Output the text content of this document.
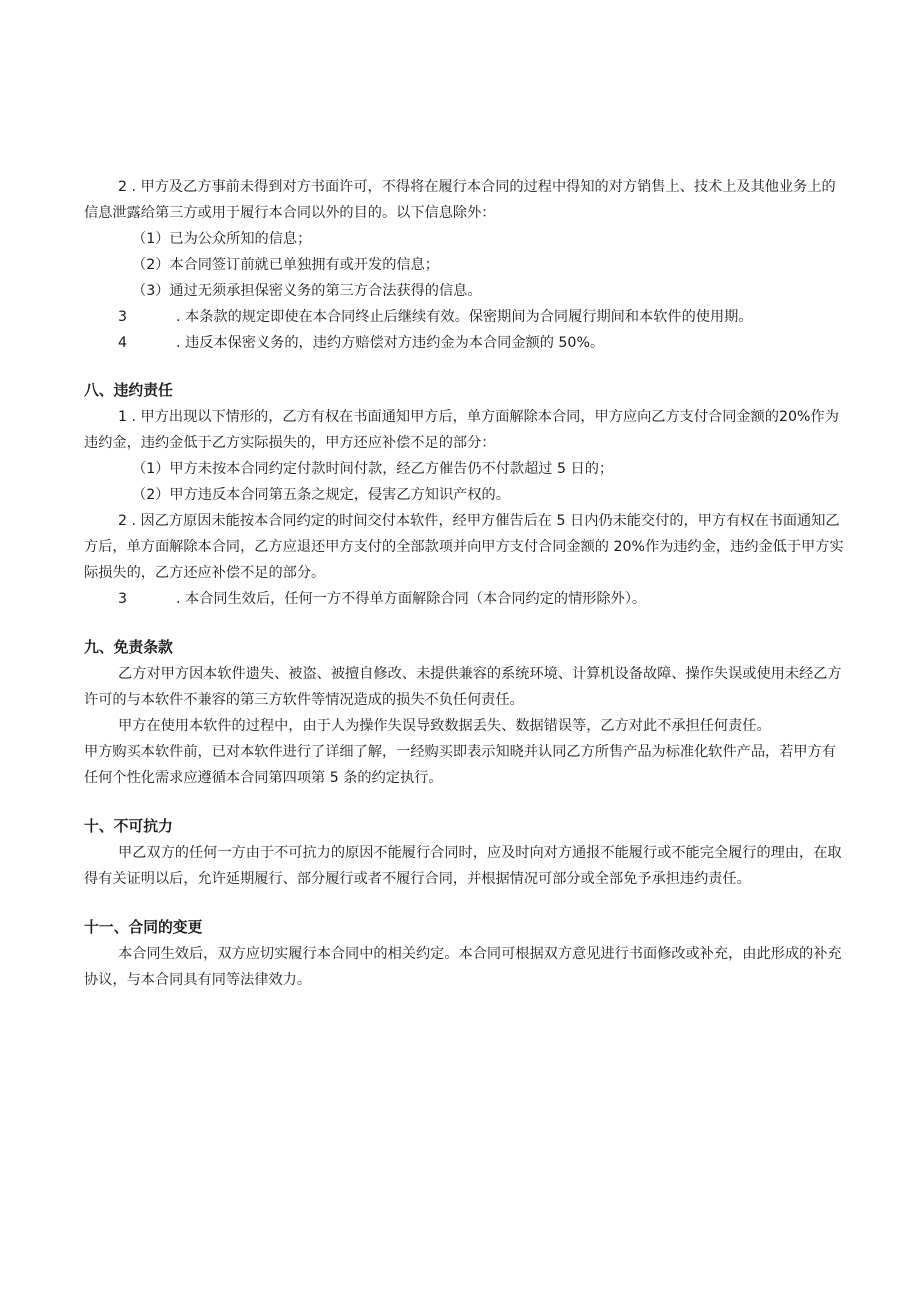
2 . 甲方及乙方事前未得到对方书面许可，不得将在履行本合同的过程中得知的对方销售上、技术上及其他业务上的信息泄露给第三方或用于履行本合同以外的目的。以下信息除外：

（1）已为公众所知的信息；

（2）本合同签订前就已单独拥有或开发的信息；

（3）通过无须承担保密义务的第三方合法获得的信息。

3	. 本条款的规定即使在本合同终止后继续有效。保密期间为合同履行期间和本软件的使用期。
4	. 违反本保密义务的，违约方赔偿对方违约金为本合同金额的 50%。

八、违约责任

1 . 甲方出现以下情形的，乙方有权在书面通知甲方后，单方面解除本合同，甲方应向乙方支付合同金额的20%作为违约金，违约金低于乙方实际损失的，甲方还应补偿不足的部分：

（1）甲方未按本合同约定付款时间付款，经乙方催告仍不付款超过 5 日的；

（2）甲方违反本合同第五条之规定，侵害乙方知识产权的。

2 . 因乙方原因未能按本合同约定的时间交付本软件，经甲方催告后在 5 日内仍未能交付的，甲方有权在书面通知乙方后，单方面解除本合同，乙方应退还甲方支付的全部款项并向甲方支付合同金额的 20%作为违约金，违约金低于甲方实际损失的，乙方还应补偿不足的部分。

3	. 本合同生效后，任何一方不得单方面解除合同（本合同约定的情形除外）。

九、免责条款

乙方对甲方因本软件遗失、被盗、被擅自修改、未提供兼容的系统环境、计算机设备故障、操作失误或使用未经乙方许可的与本软件不兼容的第三方软件等情况造成的损失不负任何责任。

甲方在使用本软件的过程中，由于人为操作失误导致数据丢失、数据错误等，乙方对此不承担任何责任。

甲方购买本软件前，已对本软件进行了详细了解，一经购买即表示知晓并认同乙方所售产品为标准化软件产品，若甲方有任何个性化需求应遵循本合同第四项第 5 条的约定执行。

十、不可抗力

甲乙双方的任何一方由于不可抗力的原因不能履行合同时，应及时向对方通报不能履行或不能完全履行的理由，在取得有关证明以后，允许延期履行、部分履行或者不履行合同，并根据情况可部分或全部免予承担违约责任。

十一、合同的变更

本合同生效后，双方应切实履行本合同中的相关约定。本合同可根据双方意见进行书面修改或补充，由此形成的补充协议，与本合同具有同等法律效力。
